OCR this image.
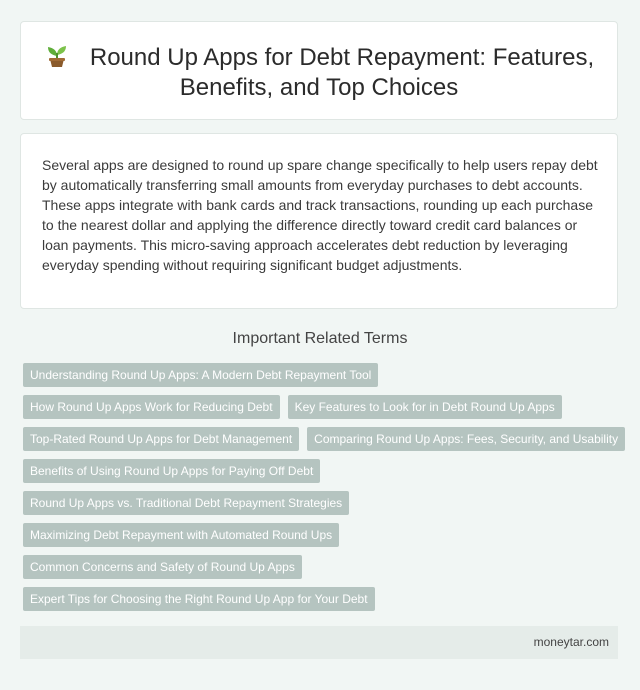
Round Up Apps for Debt Repayment: Features, Benefits, and Top Choices

Several apps are designed to round up spare change specifically to help users repay debt by automatically transferring small amounts from everyday purchases to debt accounts. These apps integrate with bank cards and track transactions, rounding up each purchase to the nearest dollar and applying the difference directly toward credit card balances or loan payments. This micro-saving approach accelerates debt reduction by leveraging everyday spending without requiring significant budget adjustments.

Important Related Terms
Understanding Round Up Apps: A Modern Debt Repayment Tool
How Round Up Apps Work for Reducing Debt	Key Features to Look for in Debt Round Up Apps
Top-Rated Round Up Apps for Debt Management	Comparing Round Up Apps: Fees, Security, and Usability
Benefits of Using Round Up Apps for Paying Off Debt
Round Up Apps vs. Traditional Debt Repayment Strategies
Maximizing Debt Repayment with Automated Round Ups
Common Concerns and Safety of Round Up Apps
Expert Tips for Choosing the Right Round Up App for Your Debt
moneytar.com
